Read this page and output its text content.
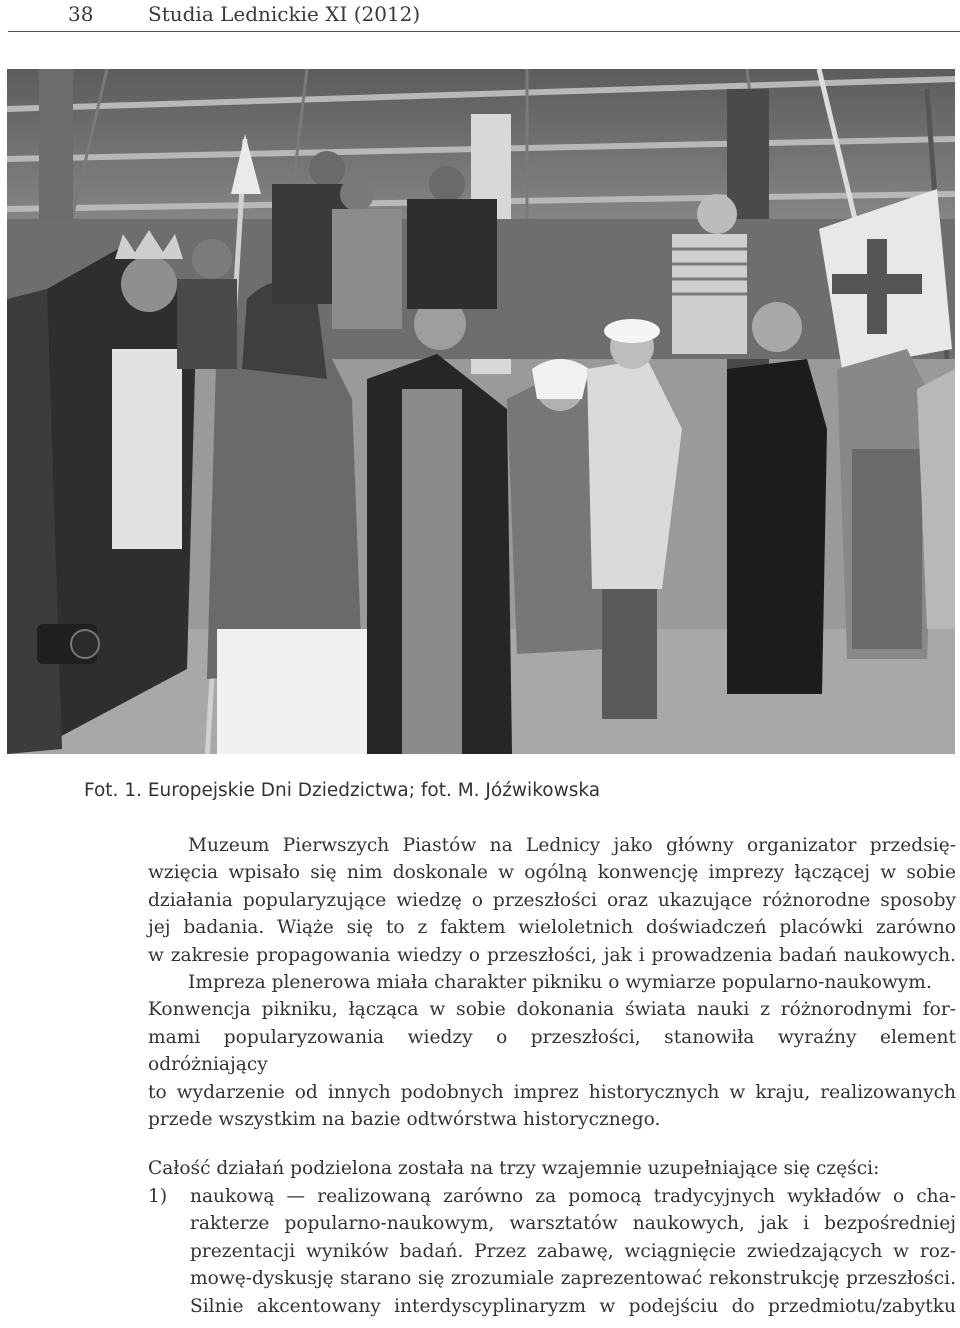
38	Studia Lednickie XI (2012)
Fot. 1. Europejskie Dni Dziedzictwa; fot. M. Jóźwikowska
Muzeum Pierwszych Piastów na Lednicy jako główny organizator przedsię-
wzięcia wpisało się nim doskonale w ogólną konwencję imprezy łączącej w sobie
działania popularyzujące wiedzę o przeszłości oraz ukazujące różnorodne sposoby
jej badania. Wiąże się to z faktem wieloletnich doświadczeń placówki zarówno
w zakresie propagowania wiedzy o przeszłości, jak i prowadzenia badań naukowych.
Impreza plenerowa miała charakter pikniku o wymiarze popularno-naukowym.
Konwencja pikniku, łącząca w sobie dokonania świata nauki z różnorodnymi for-
mami popularyzowania wiedzy o przeszłości, stanowiła wyraźny element odróżniający
to wydarzenie od innych podobnych imprez historycznych w kraju, realizowanych
przede wszystkim na bazie odtwórstwa historycznego.
Całość działań podzielona została na trzy wzajemnie uzupełniające się części:
1) naukową — realizowaną zarówno za pomocą tradycyjnych wykładów o cha-
rakterze popularno-naukowym, warsztatów naukowych, jak i bezpośredniej
prezentacji wyników badań. Przez zabawę, wciągnięcie zwiedzających w roz-
mowę-dyskusję starano się zrozumiale zaprezentować rekonstrukcję przeszłości.
Silnie akcentowany interdyscyplinaryzm w podejściu do przedmiotu/zabytku
